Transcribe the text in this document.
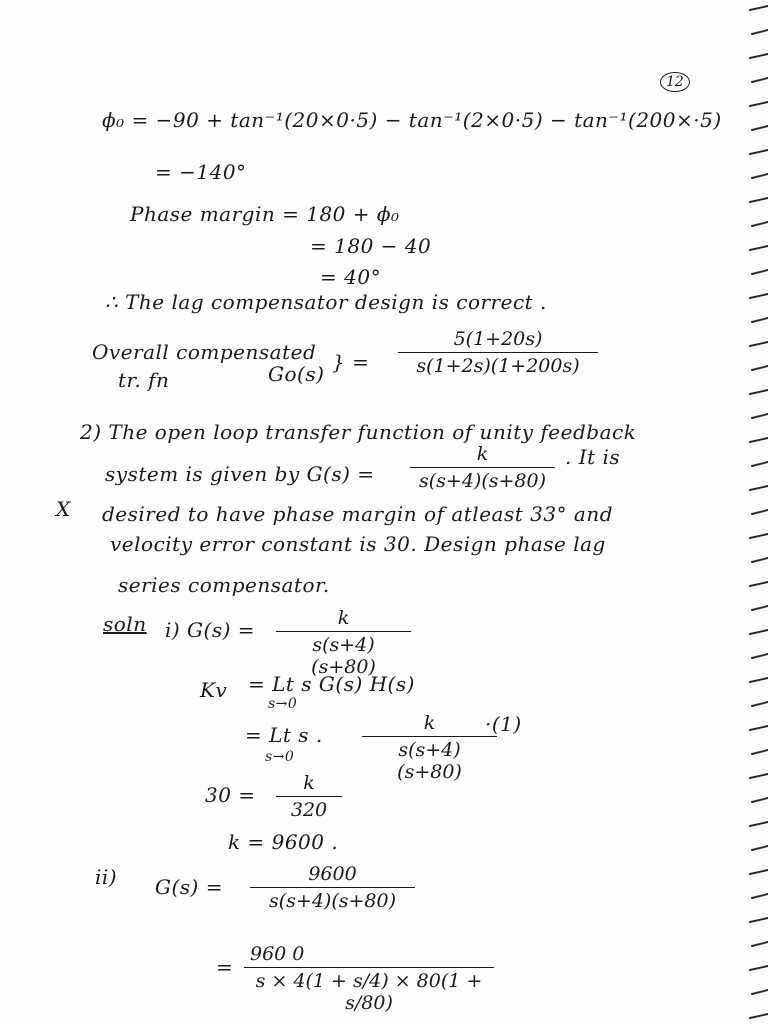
12
ϕ₀ = −90 + tan⁻¹(20×0·5) − tan⁻¹(2×0·5) − tan⁻¹(200×·5)
= −140°
Phase margin = 180 + ϕ₀
= 180 − 40
= 40°
∴ The lag compensator design is correct .
Overall compensated
tr. fn	Go(s) } = $\frac{5(1+20s)}{s(1+2s)(1+200s)}$
2) The open loop transfer function of unity feedback
system is given by $G(s) = \frac{k}{s(s+4)(s+80)}$ . It is
X desired to have phase margin of atleast 33° and
velocity error constant is 30. Design phase lag
series compensator.
soln i) $G(s) = \frac{k}{s(s+4)(s+80)}$
Kv = Lt s G(s) H(s)
s→0
= Lt s .
s→0	$\frac{k}{s(s+4)(s+80)}$
·(1)
$30 = \frac{k}{320}$
k = 9600 .
ii) $G(s) = \frac{9600}{s(s+4)(s+80)}$
= $\frac{960 0}{s \times 4(1 + s/4) \times 80(1 + s/80)}$
